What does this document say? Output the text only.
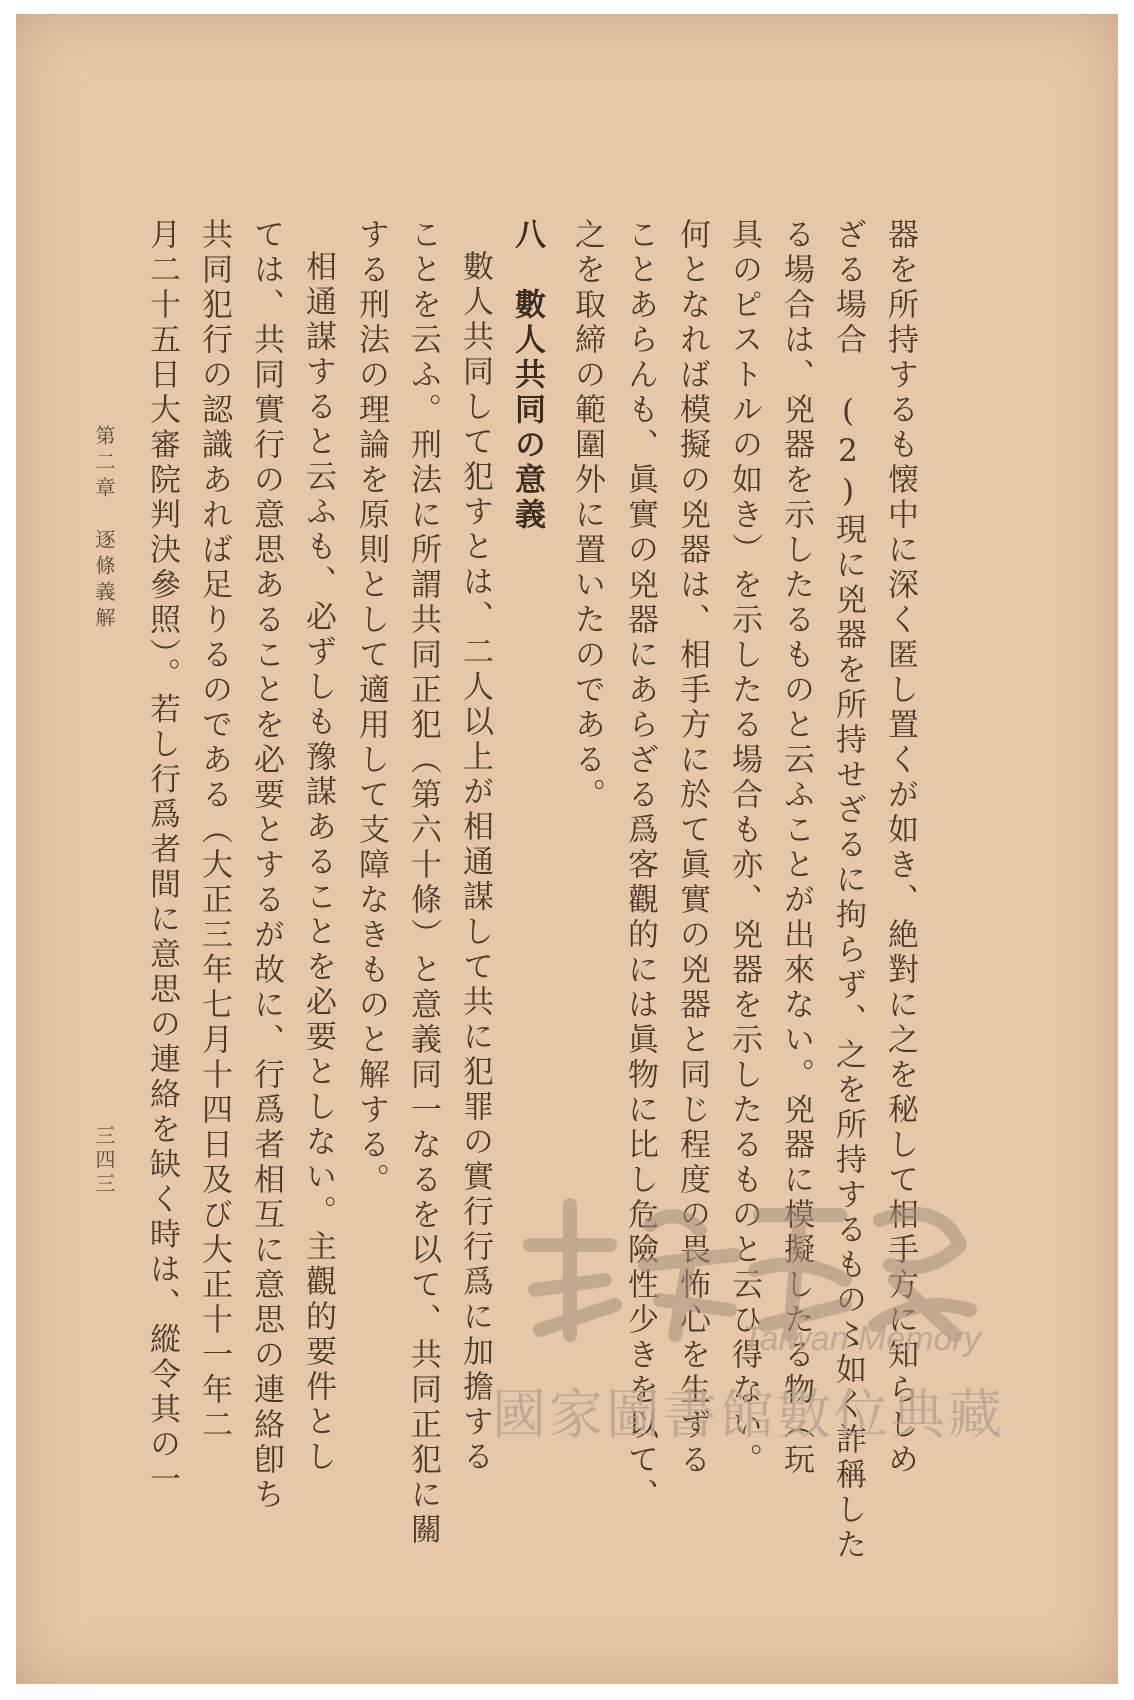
器を所持するも懐中に深く匿し置くが如き、絶對に之を秘して相手方に知らしめ
ざる場合　(2)現に兇器を所持せざるに拘らず、之を所持するもの〻如く詐稱した
る場合は、兇器を示したるものと云ふことが出來ない。兇器に模擬したる物（玩
具のピストルの如き）を示したる場合も亦、兇器を示したるものと云ひ得ない。
何となれば模擬の兇器は、相手方に於て眞實の兇器と同じ程度の畏怖心を生ずる
ことあらんも、眞實の兇器にあらざる爲客觀的には眞物に比し危險性少きを以て、
之を取締の範圍外に置いたのである。
八　數人共同の意義
數人共同して犯すとは、二人以上が相通謀して共に犯罪の實行行爲に加擔する
ことを云ふ。刑法に所謂共同正犯（第六十條）と意義同一なるを以て、共同正犯に關
する刑法の理論を原則として適用して支障なきものと解する。
相通謀すると云ふも、必ずしも豫謀あることを必要としない。主觀的要件とし
ては、共同實行の意思あることを必要とするが故に、行爲者相互に意思の連絡卽ち
共同犯行の認識あれば足りるのである（大正三年七月十四日及び大正十一年二
月二十五日大審院判決參照）。若し行爲者間に意思の連絡を缺く時は、縱令其の一
第二章　逐條義解
三四三
Taiwan Memory
國家圖書館數位典藏
